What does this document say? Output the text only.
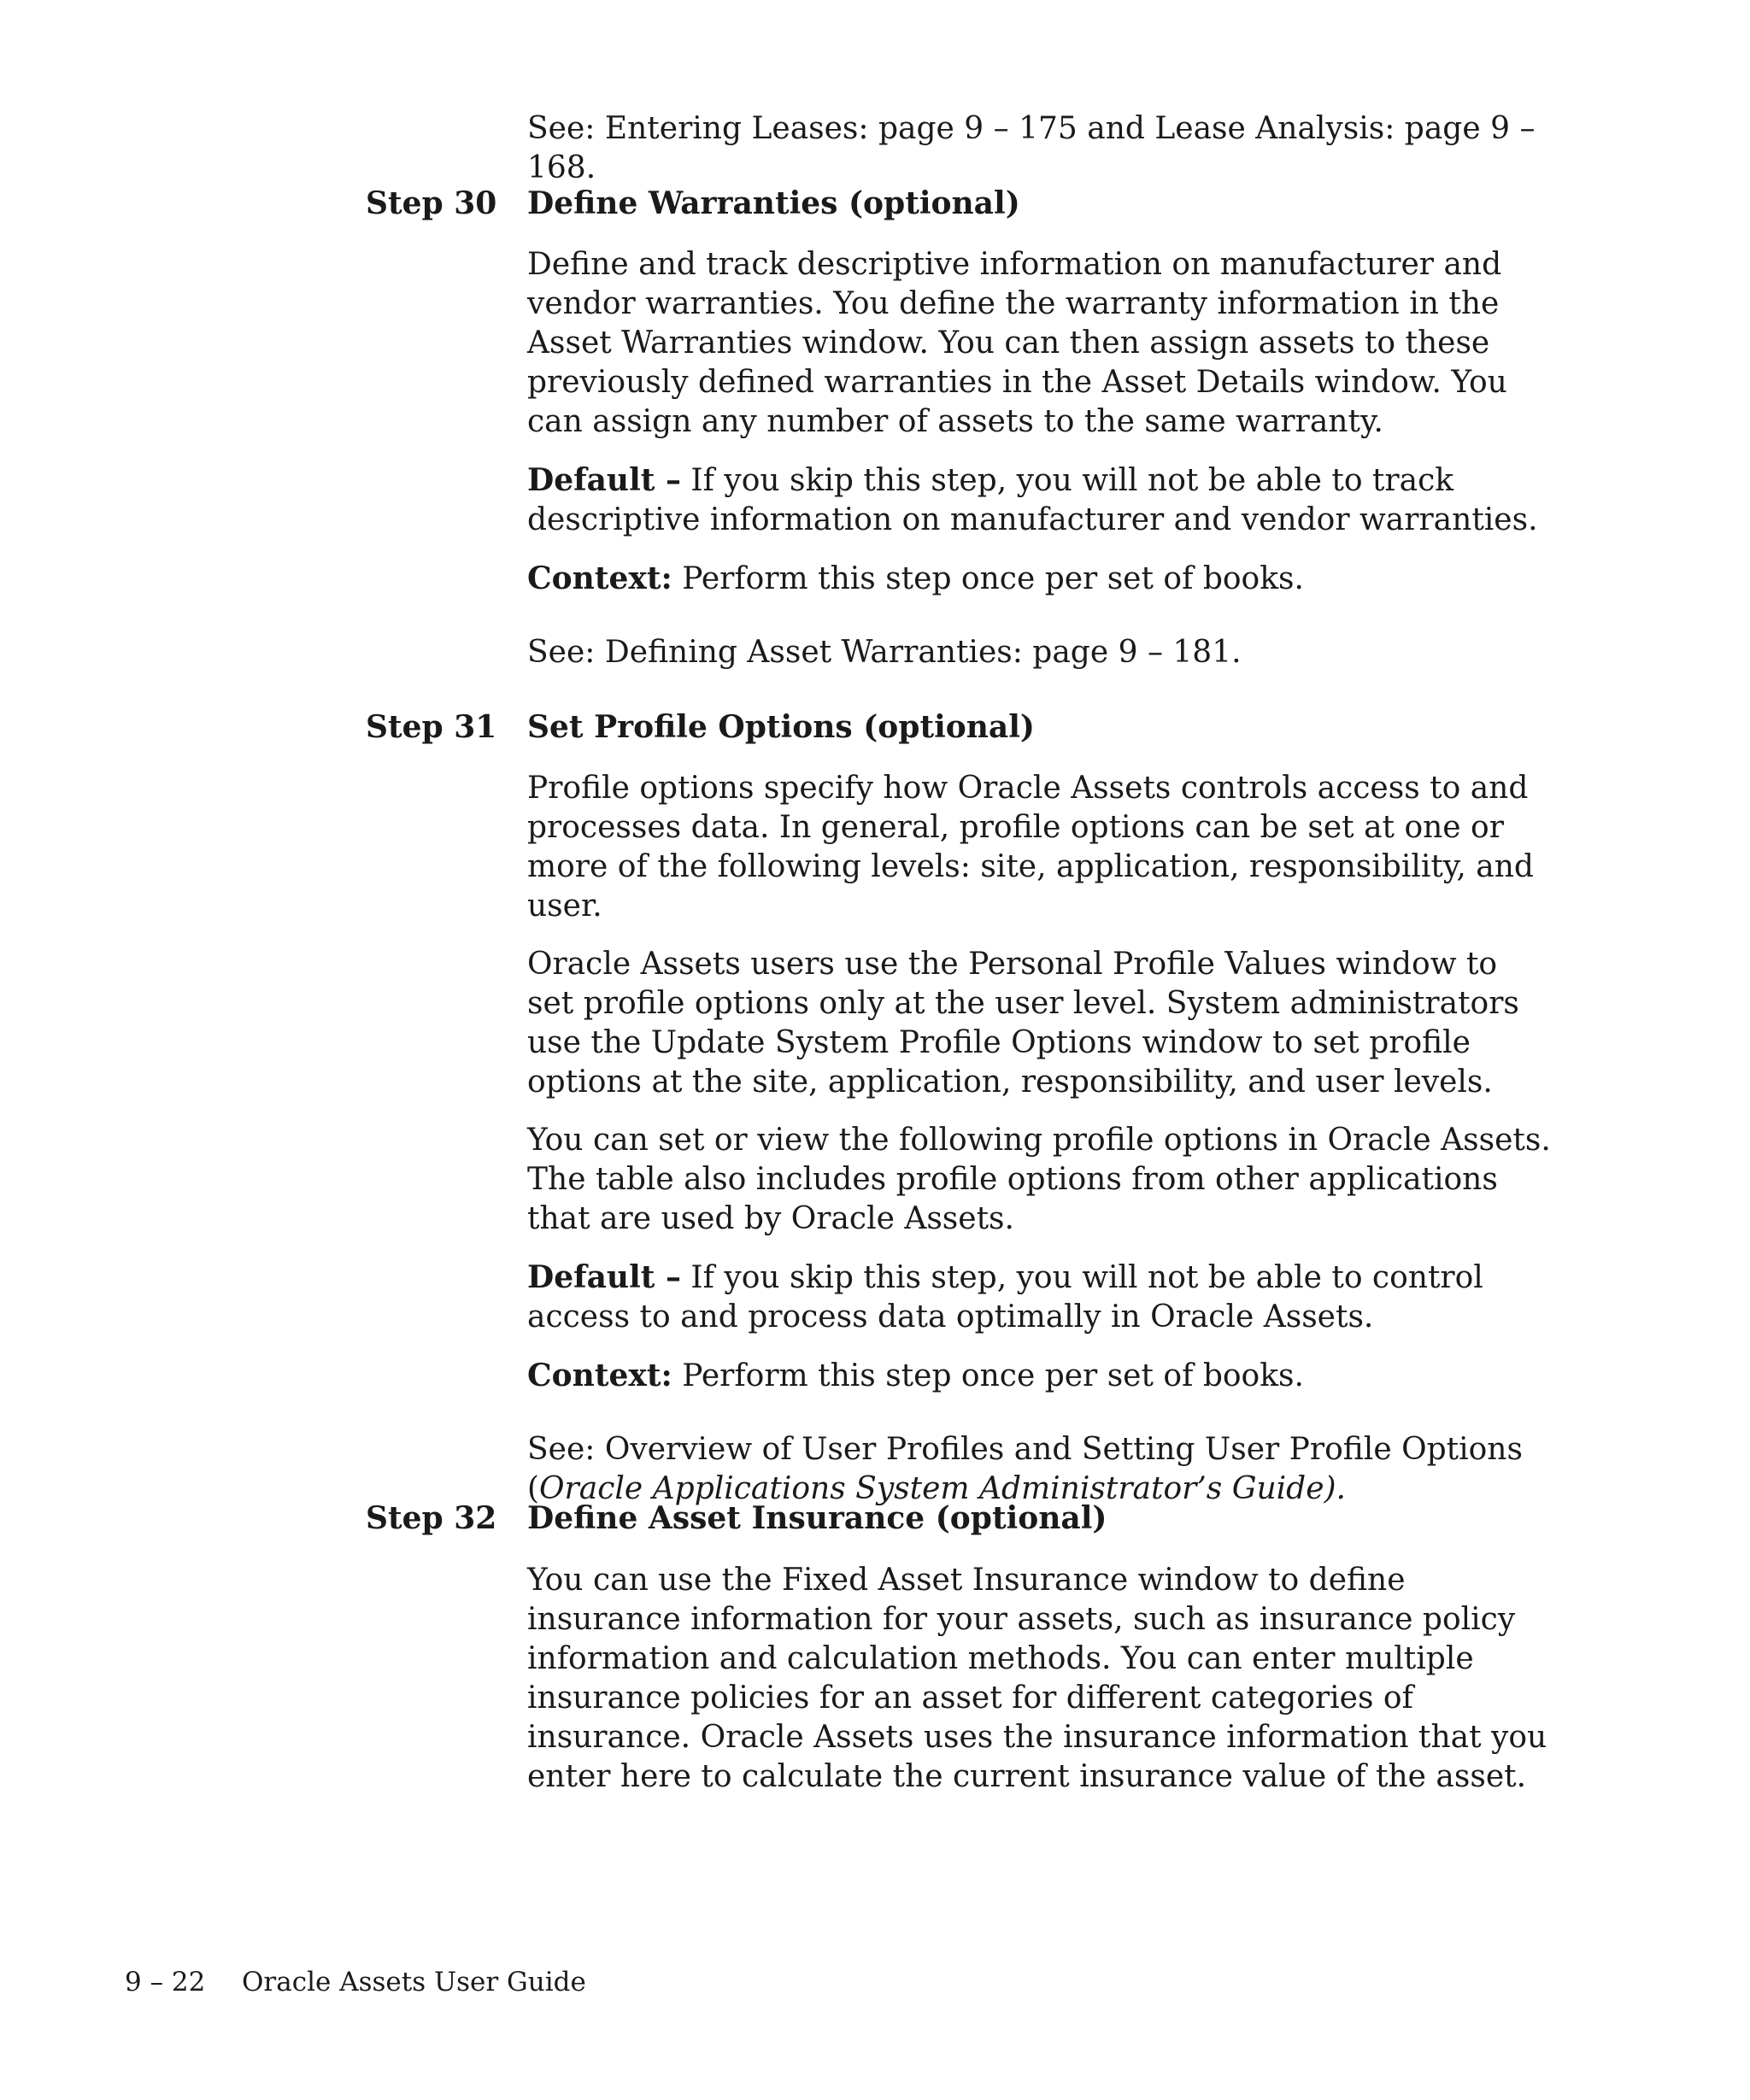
See: Entering Leases: page 9 – 175 and Lease Analysis: page 9 – 168.

Step 30 Define Warranties (optional)

Define and track descriptive information on manufacturer and vendor warranties. You define the warranty information in the Asset Warranties window. You can then assign assets to these previously defined warranties in the Asset Details window. You can assign any number of assets to the same warranty.

Default – If you skip this step, you will not be able to track descriptive information on manufacturer and vendor warranties.

Context: Perform this step once per set of books.

See: Defining Asset Warranties: page 9 – 181.

Step 31 Set Profile Options (optional)

Profile options specify how Oracle Assets controls access to and processes data. In general, profile options can be set at one or more of the following levels: site, application, responsibility, and user.

Oracle Assets users use the Personal Profile Values window to set profile options only at the user level. System administrators use the Update System Profile Options window to set profile options at the site, application, responsibility, and user levels.

You can set or view the following profile options in Oracle Assets. The table also includes profile options from other applications that are used by Oracle Assets.

Default – If you skip this step, you will not be able to control access to and process data optimally in Oracle Assets.

Context: Perform this step once per set of books.

See: Overview of User Profiles and Setting User Profile Options (Oracle Applications System Administrator’s Guide).

Step 32 Define Asset Insurance (optional)

You can use the Fixed Asset Insurance window to define insurance information for your assets, such as insurance policy information and calculation methods. You can enter multiple insurance policies for an asset for different categories of insurance. Oracle Assets uses the insurance information that you enter here to calculate the current insurance value of the asset.

9 – 22 Oracle Assets User Guide
